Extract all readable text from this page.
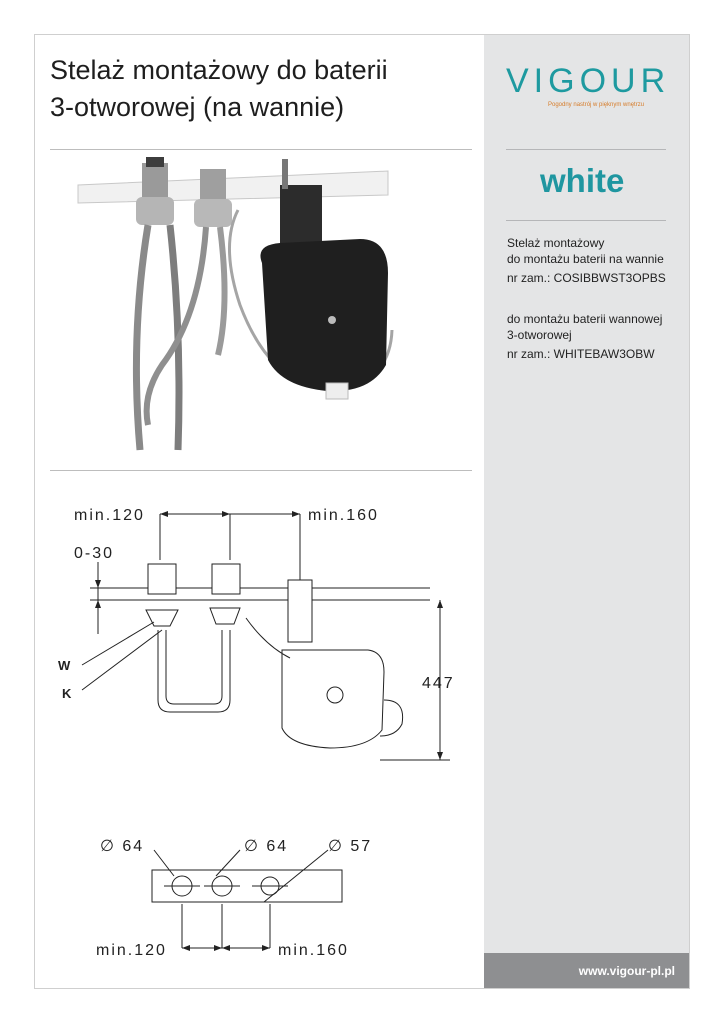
Stelaż montażowy do baterii
3-otworowej (na wannie)
VIGOUR
Pogodny nastrój w pięknym wnętrzu
white
Stelaż montażowy
do montażu baterii na wannie
nr zam.: COSIBBWST3OPBS
do montażu baterii wannowej
3-otworowej
nr zam.: WHITEBAW3OBW
www.vigour-pl.pl
min.120	min.160
0-30
W
K
447
∅ 64	∅ 64 ∅ 57
min.120	min.160
